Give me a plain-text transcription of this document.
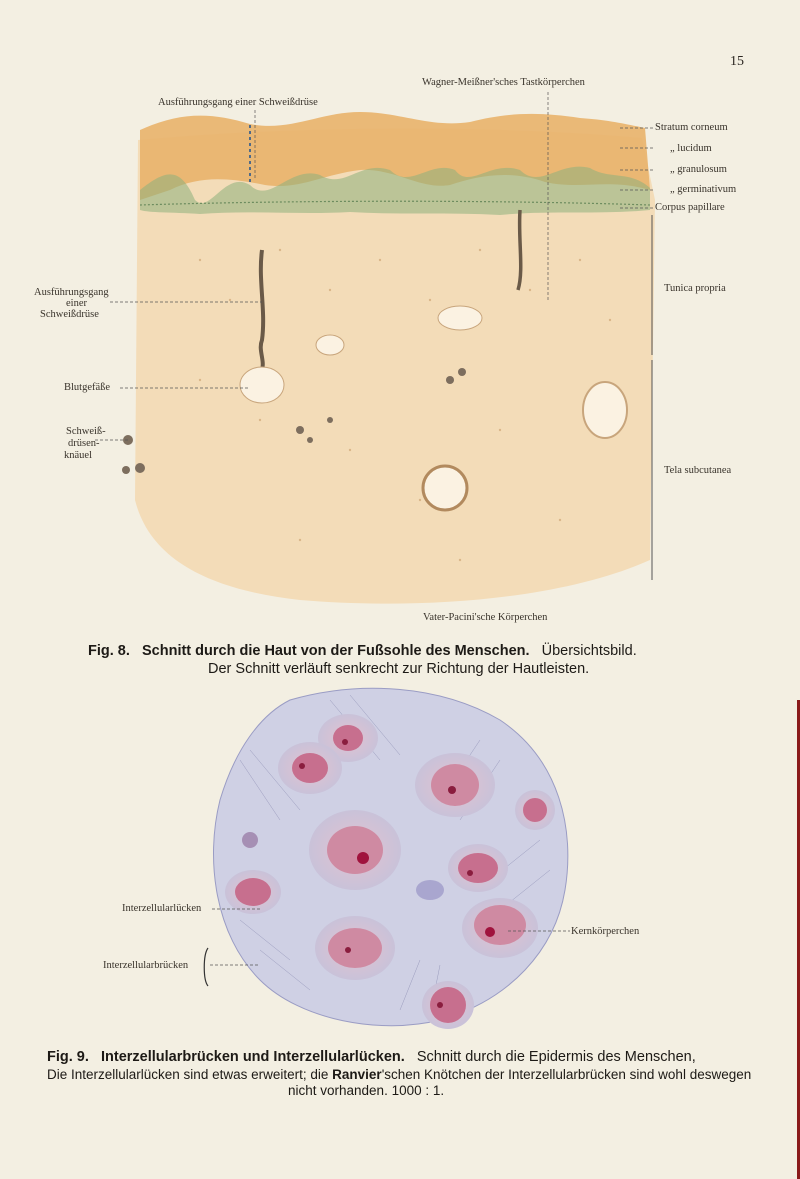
15
Wagner-Meißner'sches Tastkörperchen
Ausführungsgang einer Schweißdrüse
Stratum corneum
„ lucidum
„ granulosum
„ germinativum
Corpus papillare
Tunica propria
Tela subcutanea
Ausführungsgang
einer
Schweißdrüse
Blutgefäße
Schweiß-
drüsen-
knäuel
Vater-Pacini'sche Körperchen
Fig. 8. Schnitt durch die Haut von der Fußsohle des Menschen. Übersichtsbild.
Der Schnitt verläuft senkrecht zur Richtung der Hautleisten.
Interzellularlücken
Interzellularbrücken
Kernkörperchen
Fig. 9. Interzellularbrücken und Interzellularlücken. Schnitt durch die Epidermis des Menschen,
Die Interzellularlücken sind etwas erweitert; die Ranvier'schen Knötchen der Interzellularbrücken sind wohl deswegen
nicht vorhanden. 1000 : 1.
